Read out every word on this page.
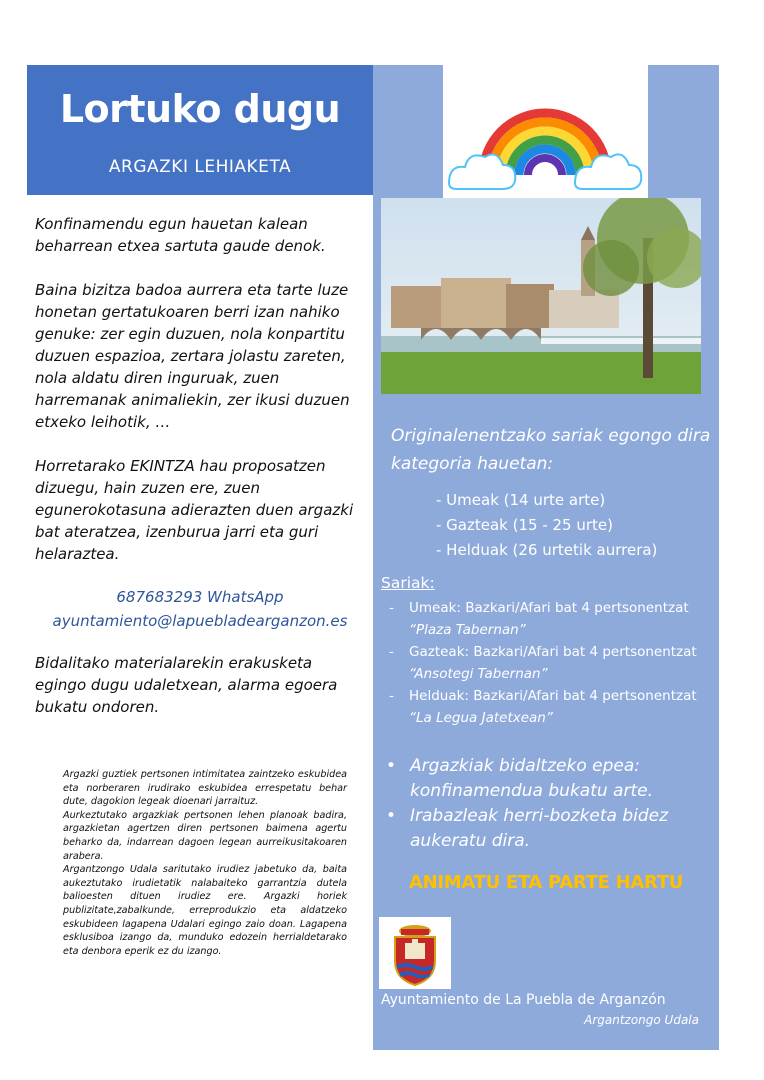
Lortuko dugu
ARGAZKI LEHIAKETA

Konfinamendu egun hauetan kalean beharrean etxea sartuta gaude denok.

Baina bizitza badoa aurrera eta tarte luze honetan gertatukoaren berri izan nahiko genuke: zer egin duzuen, nola konpartitu duzuen espazioa, zertara jolastu zareten, nola aldatu diren inguruak, zuen harremanak animaliekin, zer ikusi duzuen etxeko leihotik, …

Horretarako EKINTZA hau proposatzen dizuegu, hain zuzen ere, zuen egunerokotasuna adierazten duen argazki bat ateratzea, izenburua jarri eta guri helaraztea.

687683293 WhatsApp
ayuntamiento@lapuebladearganzon.es
Bidalitako materialarekin erakusketa egingo dugu udaletxean, alarma egoera bukatu ondoren.

Argazki guztiek pertsonen intimitatea zaintzeko eskubidea eta norberaren irudirako eskubidea errespetatu behar dute, dagokion legeak dioenari jarraituz.

Aurkeztutako argazkiak pertsonen lehen planoak badira, argazkietan agertzen diren pertsonen baimena agertu beharko da, indarrean dagoen legean aurreikusitakoaren arabera.

Argantzongo Udala saritutako irudiez jabetuko da, baita aukeztutako irudietatik nalabaiteko garrantzia dutela balioesten dituen irudiez ere. Argazki horiek publizitate,zabalkunde, erreprodukzio eta aldatzeko eskubideen lagapena Udalari egingo zaio doan. Lagapena esklusiboa izango da, munduko edozein herrialdetarako eta denbora eperik ez du izango.

Originalenentzako sariak egongo dira kategoria hauetan:
- Umeak (14 urte arte)
- Gazteak (15 - 25 urte)
- Helduak (26 urtetik aurrera)
Sariak:
- Umeak: Bazkari/Afari bat 4 pertsonentzat “Plaza Tabernan”
- Gazteak: Bazkari/Afari bat 4 pertsonentzat “Ansotegi Tabernan”
- Helduak: Bazkari/Afari bat 4 pertsonentzat “La Legua Jatetxean”
• Argazkiak bidaltzeko epea: konfinamendua bukatu arte.
• Irabazleak herri-bozketa bidez aukeratu dira.
ANIMATU ETA PARTE HARTU
Ayuntamiento de La Puebla de Arganzón
Argantzongo Udala
